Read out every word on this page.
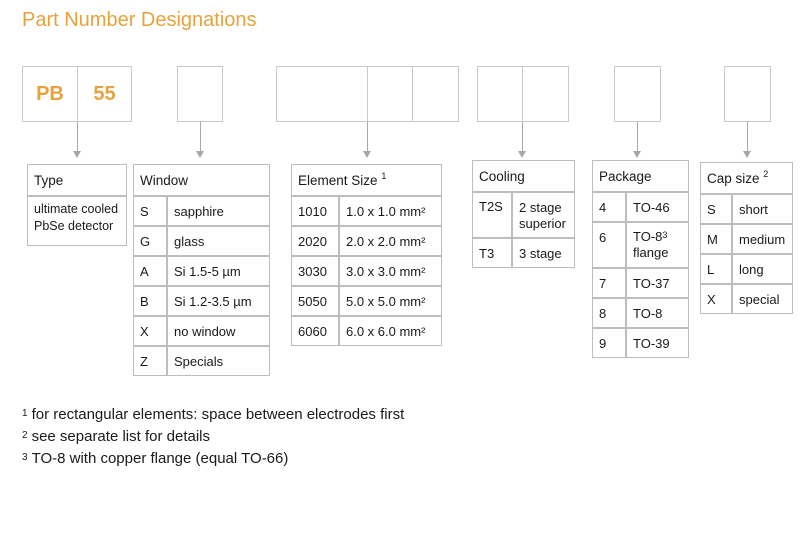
Part Number Designations
PB	55
Type
ultimate cooled PbSe detector
Window	
S	sapphire
G	glass
A	Si 1.5-5 µm
B	Si 1.2-3.5 µm
X	no window
Z	Specials
Element Size $^1$
1010	1.0 x 1.0 mm²
2020	2.0 x 2.0 mm²
3030	3.0 x 3.0 mm²
5050	5.0 x 5.0 mm²
6060	6.0 x 6.0 mm²
Cooling	
T2S	2 stage superior
T3	3 stage
Package	
4	TO-46
6	$TO-8^3$
flange
7	TO-37
8	TO-8
9	TO-39
Cap size $^2$
S	short
M	medium
L	long
X	special
$^1$ for rectangular elements: space between electrodes first
$^2$ see separate list for details
$^3$ TO-8 with copper flange (equal TO-66)
